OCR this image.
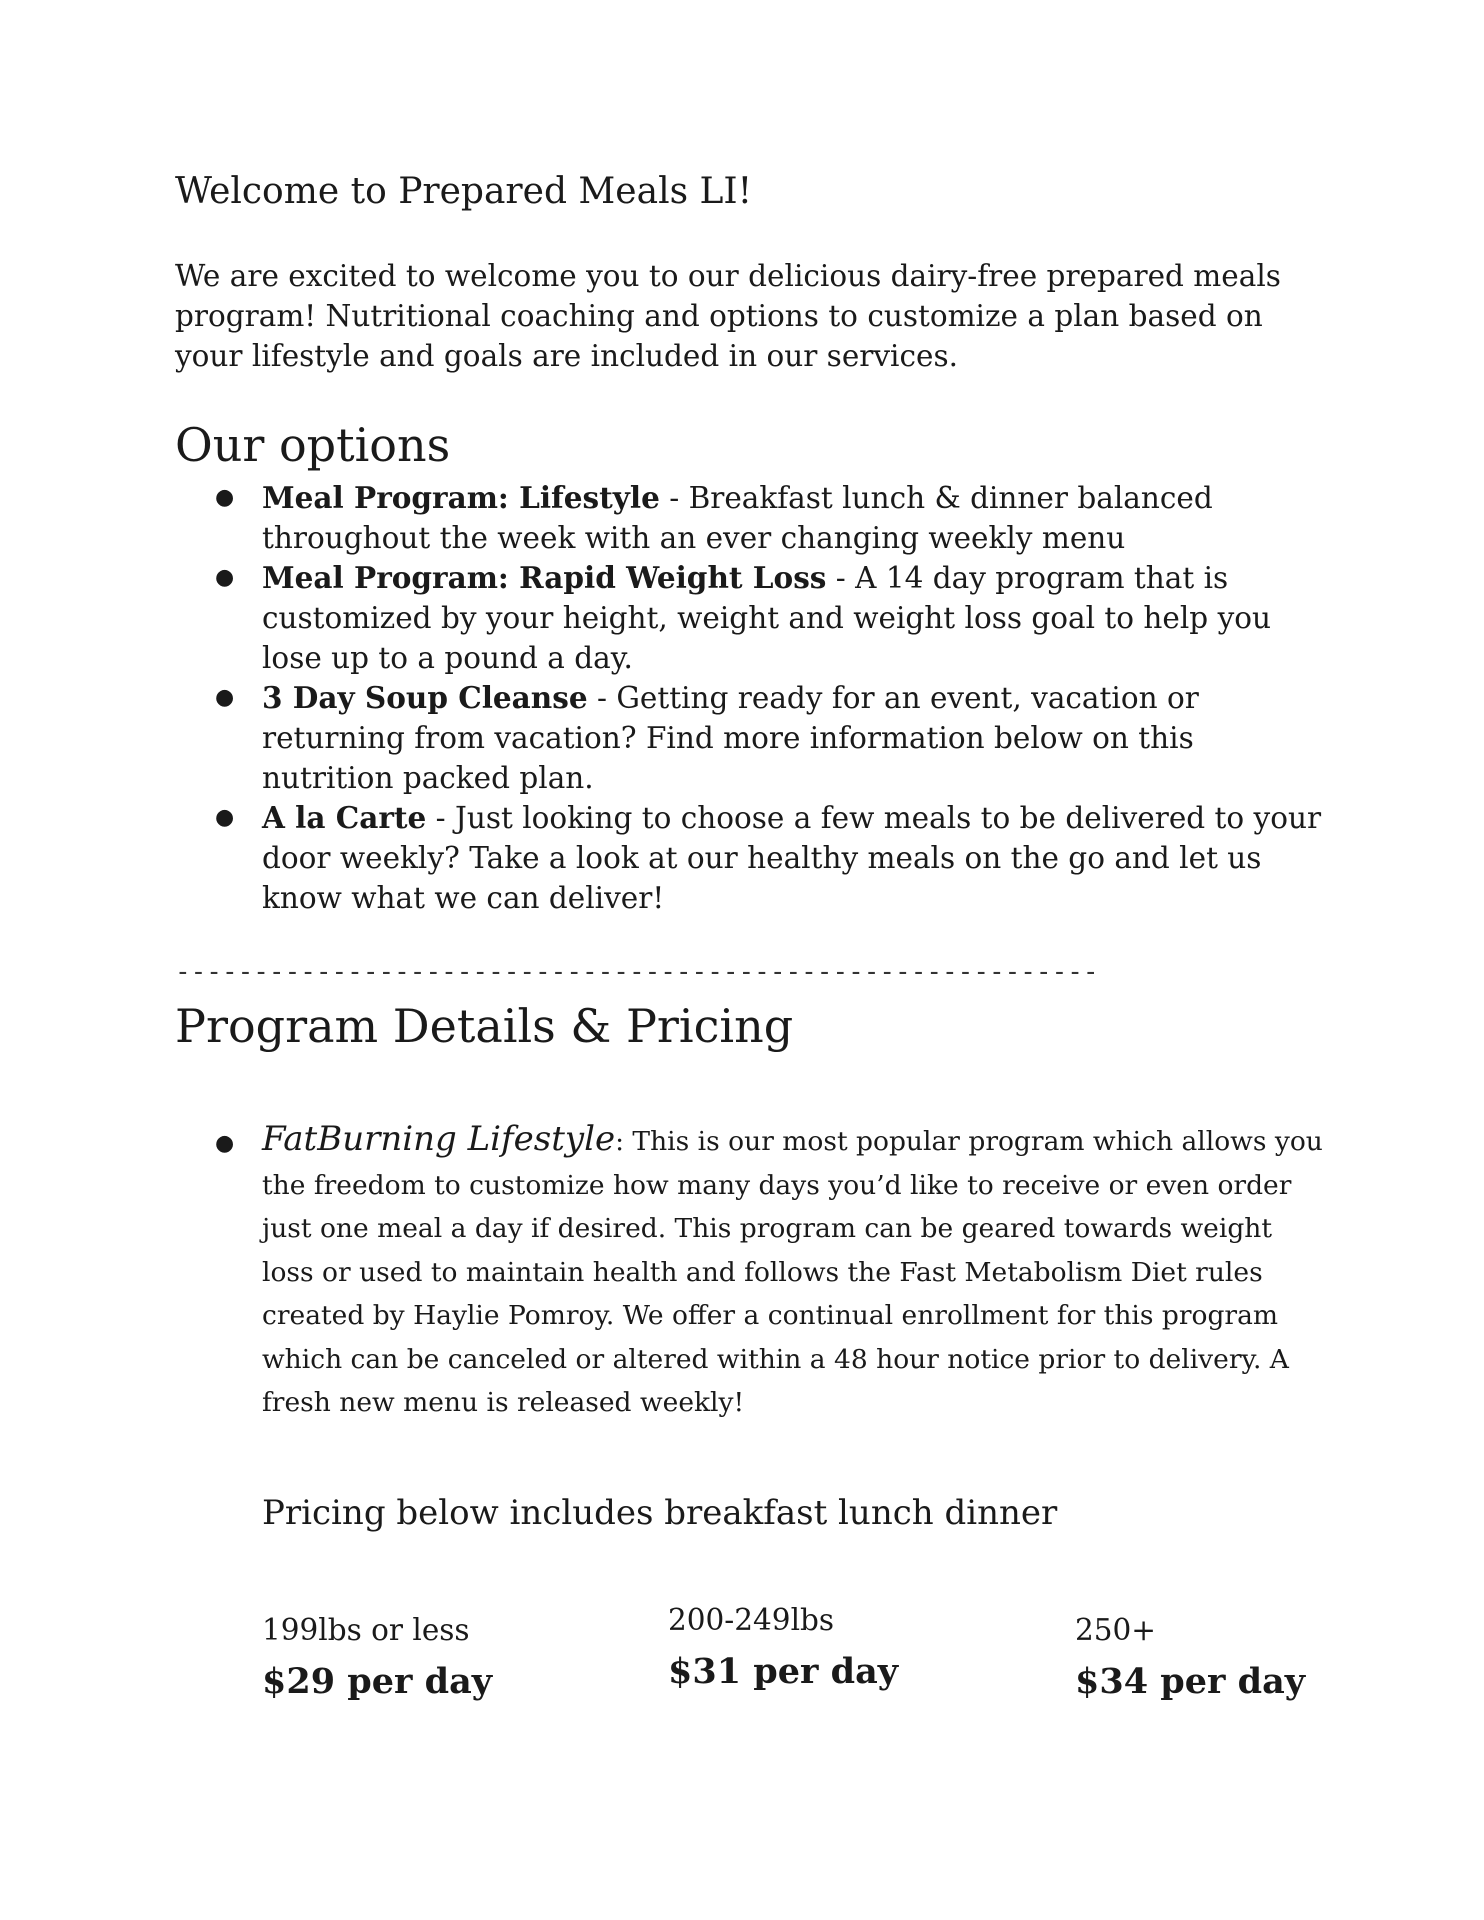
Welcome to Prepared Meals LI!

We are excited to welcome you to our delicious dairy-free prepared meals program! Nutritional coaching and options to customize a plan based on your lifestyle and goals are included in our services.

Our options
● Meal Program: Lifestyle - Breakfast lunch & dinner balanced throughout the week with an ever changing weekly menu
● Meal Program: Rapid Weight Loss - A 14 day program that is customized by your height, weight and weight loss goal to help you lose up to a pound a day.
● 3 Day Soup Cleanse - Getting ready for an event, vacation or returning from vacation? Find more information below on this nutrition packed plan.
● A la Carte - Just looking to choose a few meals to be delivered to your door weekly? Take a look at our healthy meals on the go and let us know what we can deliver!
-----------------------------------------------------------
Program Details & Pricing
● FatBurning Lifestyle: This is our most popular program which allows you the freedom to customize how many days you’d like to receive or even order just one meal a day if desired. This program can be geared towards weight loss or used to maintain health and follows the Fast Metabolism Diet rules created by Haylie Pomroy. We offer a continual enrollment for this program which can be canceled or altered within a 48 hour notice prior to delivery. A fresh new menu is released weekly!

Pricing below includes breakfast lunch dinner

199lbs or less
$29 per day
200-249lbs
$31 per day
250+
$34 per day
